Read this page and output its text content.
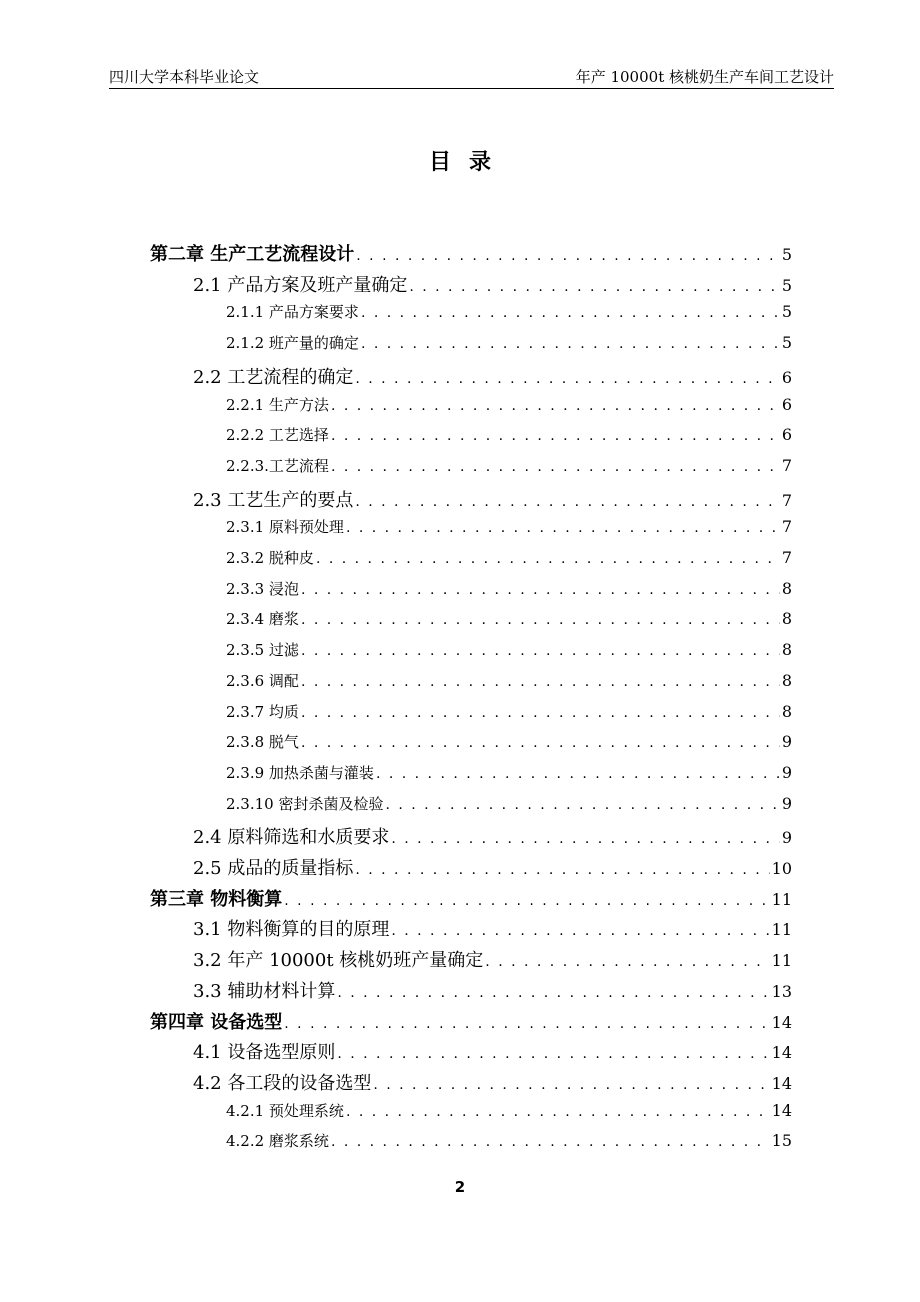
四川大学本科毕业论文	年产 10000t 核桃奶生产车间工艺设计
目录
第二章 生产工艺流程设计 . . .	5
2.1 产品方案及班产量确定 . . .	5
2.1.1 产品方案要求 . . .	5
2.1.2 班产量的确定 . . .	5
2.2 工艺流程的确定 . . .	6
2.2.1 生产方法 . . .	6
2.2.2 工艺选择 . . .	6
2.2.3.工艺流程 . . .	7
2.3 工艺生产的要点 . . .	7
2.3.1 原料预处理 . . .	7
2.3.2 脱种皮 . . .	7
2.3.3 浸泡 . . .	8
2.3.4 磨浆 . . .	8
2.3.5 过滤 . . .	8
2.3.6 调配 . . .	8
2.3.7 均质 . . .	8
2.3.8 脱气 . . .	9
2.3.9 加热杀菌与灌装 . . .	9
2.3.10 密封杀菌及检验 . . .	9
2.4 原料筛选和水质要求 . . .	9
2.5 成品的质量指标 . . .	10
第三章 物料衡算 . . .	11
3.1 物料衡算的目的原理 . . .	11
3.2 年产 10000t 核桃奶班产量确定 . . .	11
3.3 辅助材料计算 . . .	13
第四章 设备选型 . . .	14
4.1 设备选型原则 . . .	14
4.2 各工段的设备选型 . . .	14
4.2.1 预处理系统 . . .	14
4.2.2 磨浆系统 . . .	15
2
